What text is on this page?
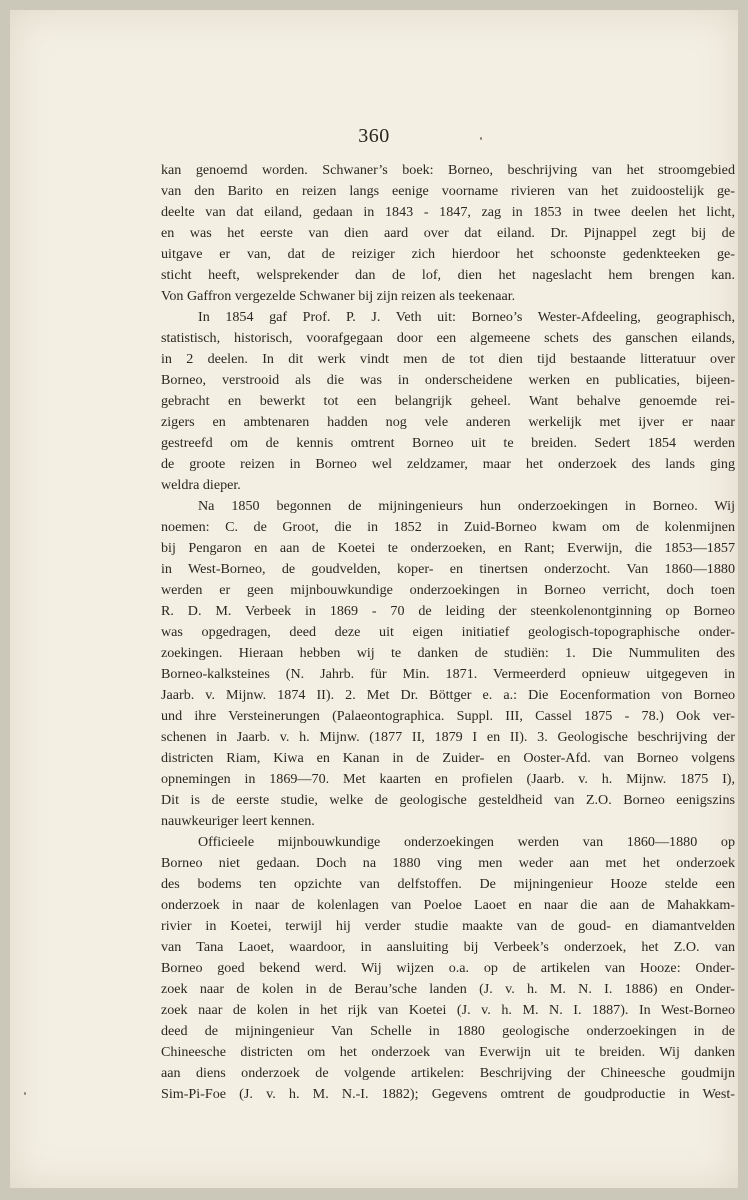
360
kan genoemd worden. Schwaner’s boek: Borneo, beschrijving van het stroomgebied
van den Barito en reizen langs eenige voorname rivieren van het zuidoostelijk ge-
deelte van dat eiland, gedaan in 1843 - 1847, zag in 1853 in twee deelen het licht,
en was het eerste van dien aard over dat eiland. Dr. Pijnappel zegt bij de
uitgave er van, dat de reiziger zich hierdoor het schoonste gedenkteeken ge-
sticht heeft, welsprekender dan de lof, dien het nageslacht hem brengen kan.
Von Gaffron vergezelde Schwaner bij zijn reizen als teekenaar.
In 1854 gaf Prof. P. J. Veth uit: Borneo’s Wester-Afdeeling, geographisch,
statistisch, historisch, voorafgegaan door een algemeene schets des ganschen eilands,
in 2 deelen. In dit werk vindt men de tot dien tijd bestaande litteratuur over
Borneo, verstrooid als die was in onderscheidene werken en publicaties, bijeen-
gebracht en bewerkt tot een belangrijk geheel. Want behalve genoemde rei-
zigers en ambtenaren hadden nog vele anderen werkelijk met ijver er naar
gestreefd om de kennis omtrent Borneo uit te breiden. Sedert 1854 werden
de groote reizen in Borneo wel zeldzamer, maar het onderzoek des lands ging
weldra dieper.
Na 1850 begonnen de mijningenieurs hun onderzoekingen in Borneo. Wij
noemen: C. de Groot, die in 1852 in Zuid-Borneo kwam om de kolenmijnen
bij Pengaron en aan de Koetei te onderzoeken, en Rant; Everwijn, die 1853—1857
in West-Borneo, de goudvelden, koper- en tinertsen onderzocht. Van 1860—1880
werden er geen mijnbouwkundige onderzoekingen in Borneo verricht, doch toen
R. D. M. Verbeek in 1869 - 70 de leiding der steenkolenontginning op Borneo
was opgedragen, deed deze uit eigen initiatief geologisch-topographische onder-
zoekingen. Hieraan hebben wij te danken de studiën: 1. Die Nummuliten des
Borneo-kalksteines (N. Jahrb. für Min. 1871. Vermeerderd opnieuw uitgegeven in
Jaarb. v. Mijnw. 1874 II). 2. Met Dr. Böttger e. a.: Die Eocenformation von Borneo
und ihre Versteinerungen (Palaeontographica. Suppl. III, Cassel 1875 - 78.) Ook ver-
schenen in Jaarb. v. h. Mijnw. (1877 II, 1879 I en II). 3. Geologische beschrijving der
districten Riam, Kiwa en Kanan in de Zuider- en Ooster-Afd. van Borneo volgens
opnemingen in 1869—70. Met kaarten en profielen (Jaarb. v. h. Mijnw. 1875 I),
Dit is de eerste studie, welke de geologische gesteldheid van Z.O. Borneo eenigszins
nauwkeuriger leert kennen.
Officieele mijnbouwkundige onderzoekingen werden van 1860—1880 op
Borneo niet gedaan. Doch na 1880 ving men weder aan met het onderzoek
des bodems ten opzichte van delfstoffen. De mijningenieur Hooze stelde een
onderzoek in naar de kolenlagen van Poeloe Laoet en naar die aan de Mahakkam-
rivier in Koetei, terwijl hij verder studie maakte van de goud- en diamantvelden
van Tana Laoet, waardoor, in aansluiting bij Verbeek’s onderzoek, het Z.O. van
Borneo goed bekend werd. Wij wijzen o.a. op de artikelen van Hooze: Onder-
zoek naar de kolen in de Berau’sche landen (J. v. h. M. N. I. 1886) en Onder-
zoek naar de kolen in het rijk van Koetei (J. v. h. M. N. I. 1887). In West-Borneo
deed de mijningenieur Van Schelle in 1880 geologische onderzoekingen in de
Chineesche districten om het onderzoek van Everwijn uit te breiden. Wij danken
aan diens onderzoek de volgende artikelen: Beschrijving der Chineesche goudmijn
Sim-Pi-Foe (J. v. h. M. N.-I. 1882); Gegevens omtrent de goudproductie in West-
